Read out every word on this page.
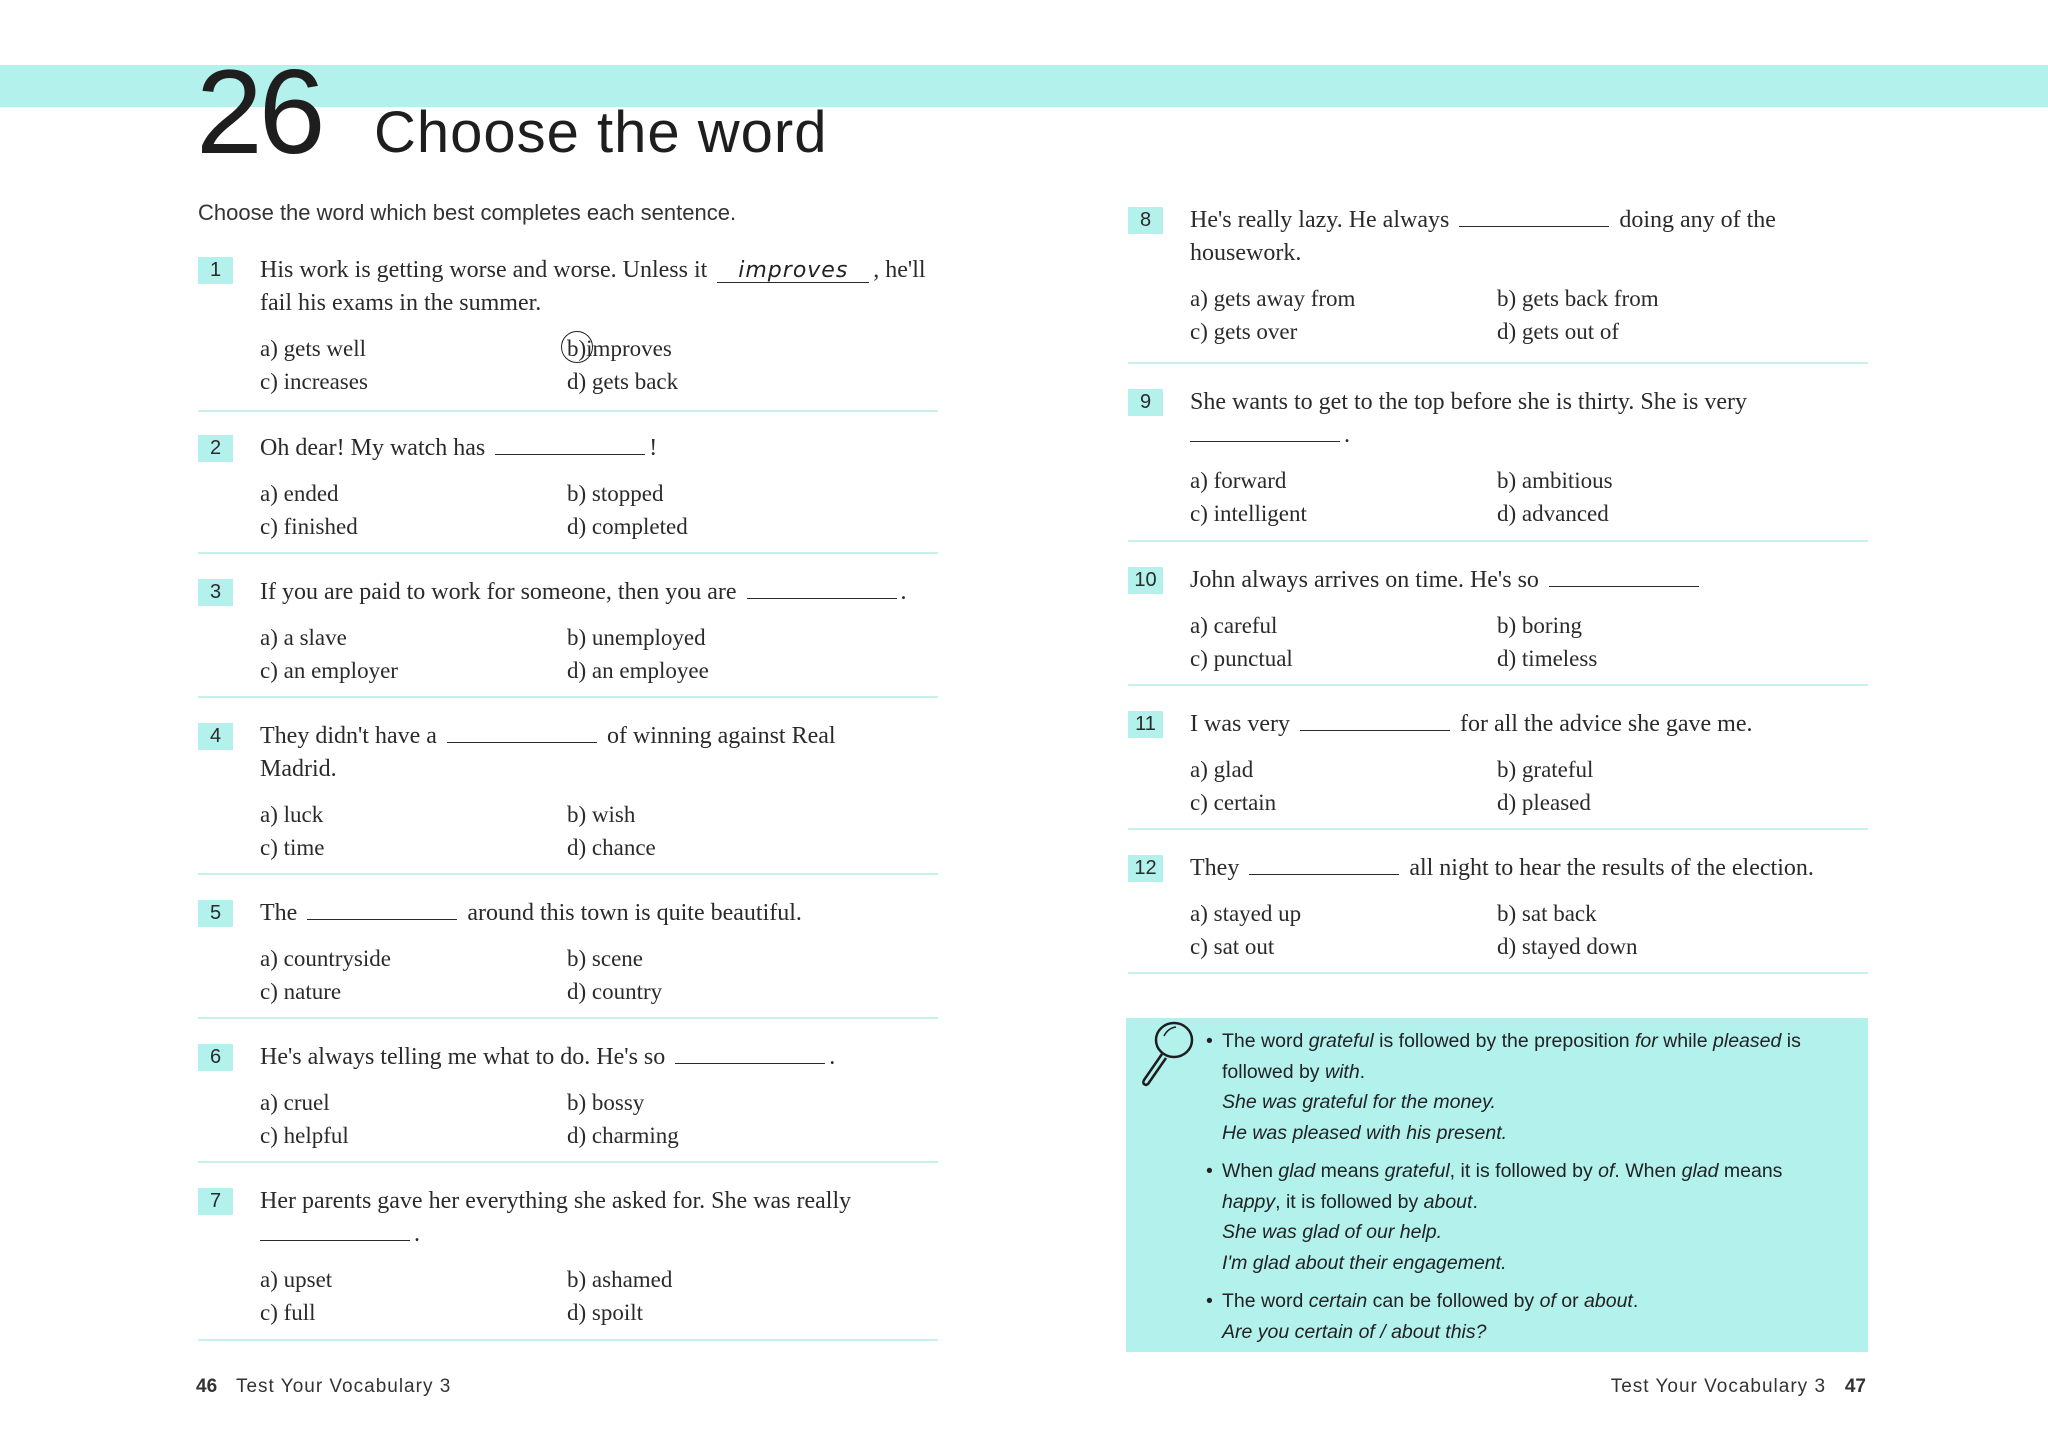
26 Choose the word
Choose the word which best completes each sentence.
1	His work is getting worse and worse. Unless it improves , he'll fail his exams in the summer.
a) gets well	b)improves
c) increases	d) gets back
2	Oh dear! My watch has	!
a) ended	b) stopped
c) finished	d) completed
3	If you are paid to work for someone, then you are	.
a) a slave	b) unemployed
c) an employer	d) an employee
4	They didn't have a	of winning against Real Madrid.
a) luck	b) wish
c) time	d) chance
5	The	around this town is quite beautiful.
a) countryside	b) scene
c) nature	d) country
6	He's always telling me what to do. He's so	.
a) cruel	b) bossy
c) helpful	d) charming
7	Her parents gave her everything she asked for. She was really .
a) upset	b) ashamed
c) full	d) spoilt
8	He's really lazy. He always	doing any of the housework.
a) gets away from	b) gets back from
c) gets over	d) gets out of
9	She wants to get to the top before she is thirty. She is very .
a) forward	b) ambitious
c) intelligent	d) advanced
10 John always arrives on time. He's so
a) careful	b) boring
c) punctual	d) timeless
11 I was very	for all the advice she gave me.
a) glad	b) grateful
c) certain	d) pleased
12 They	all night to hear the results of the election.
a) stayed up	b) sat back
c) sat out	d) stayed down
• The word grateful is followed by the preposition for while pleased is followed by with.
She was grateful for the money.
He was pleased with his present.
• When glad means grateful, it is followed by of. When glad means happy, it is followed by about.
She was glad of our help.
I'm glad about their engagement.
• The word certain can be followed by of or about.
Are you certain of / about this?
46 Test Your Vocabulary 3	Test Your Vocabulary 3 47
